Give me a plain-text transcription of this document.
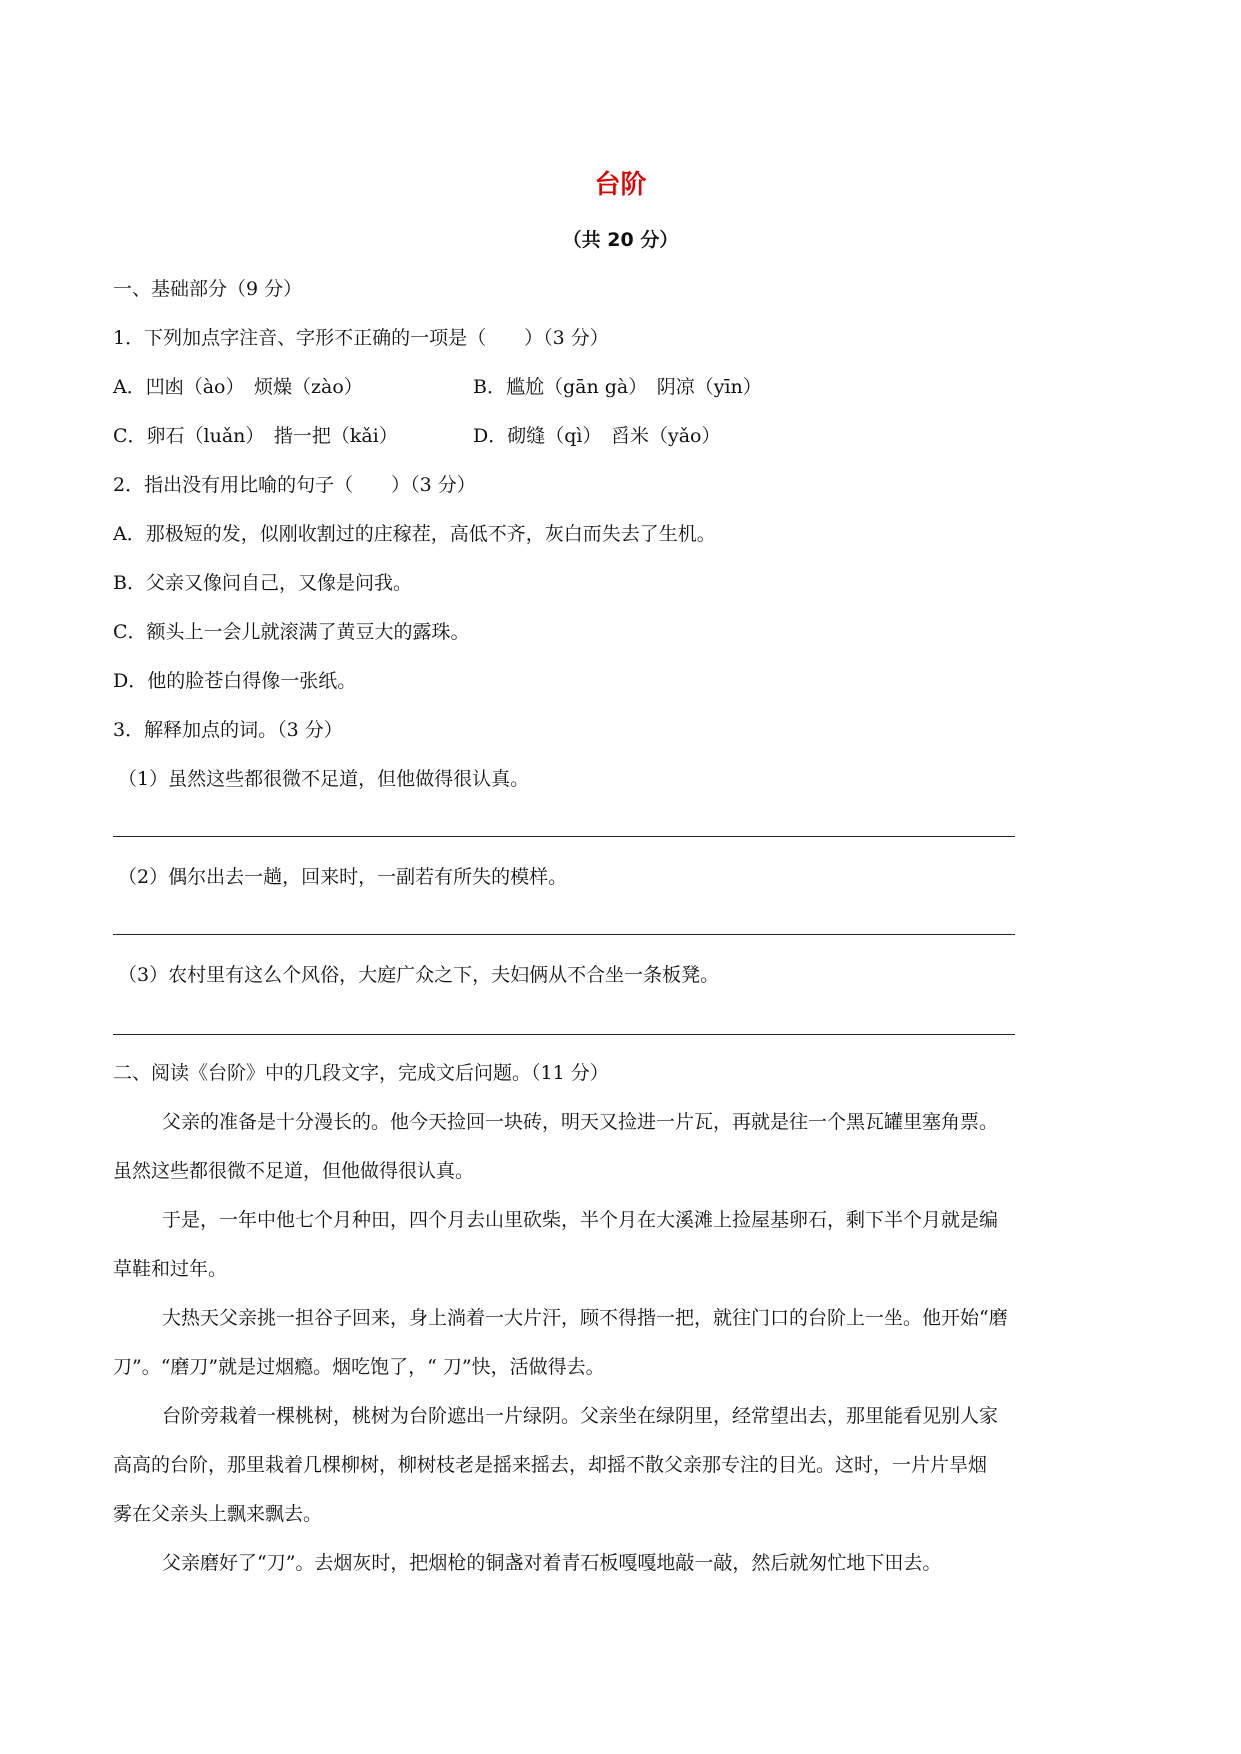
台阶
（共 20 分）
一、基础部分（9 分）
1．下列加点字注音、字形不正确的一项是（　　）（3 分）
A．凹凼（ào）　烦燥（zào）	B．尴尬（gān gà）　阴凉（yīn）
C．卵石（luǎn）　揩一把（kǎi）	D．砌缝（qì）　舀米（yǎo）
2．指出没有用比喻的句子（　　）（3 分）
A．那极短的发，似刚收割过的庄稼茬，高低不齐，灰白而失去了生机。
B．父亲又像问自己，又像是问我。
C．额头上一会儿就滚满了黄豆大的露珠。
D．他的脸苍白得像一张纸。
3．解释加点的词。（3 分）
（1）虽然这些都很微不足道，但他做得很认真。
（2）偶尔出去一趟，回来时，一副若有所失的模样。
（3）农村里有这么个风俗，大庭广众之下，夫妇俩从不合坐一条板凳。
二、阅读《台阶》中的几段文字，完成文后问题。（11 分）
父亲的准备是十分漫长的。他今天捡回一块砖，明天又捡进一片瓦，再就是往一个黑瓦罐里塞角票。
虽然这些都很微不足道，但他做得很认真。
于是，一年中他七个月种田，四个月去山里砍柴，半个月在大溪滩上捡屋基卵石，剩下半个月就是编
草鞋和过年。
大热天父亲挑一担谷子回来，身上淌着一大片汗，顾不得揩一把，就往门口的台阶上一坐。他开始“磨
刀”。“磨刀”就是过烟瘾。烟吃饱了，“ 刀”快，活做得去。
台阶旁栽着一棵桃树，桃树为台阶遮出一片绿阴。父亲坐在绿阴里，经常望出去，那里能看见别人家
高高的台阶，那里栽着几棵柳树，柳树枝老是摇来摇去，却摇不散父亲那专注的目光。这时，一片片旱烟
雾在父亲头上飘来飘去。
父亲磨好了“刀”。去烟灰时，把烟枪的铜盏对着青石板嘎嘎地敲一敲，然后就匆忙地下田去。
